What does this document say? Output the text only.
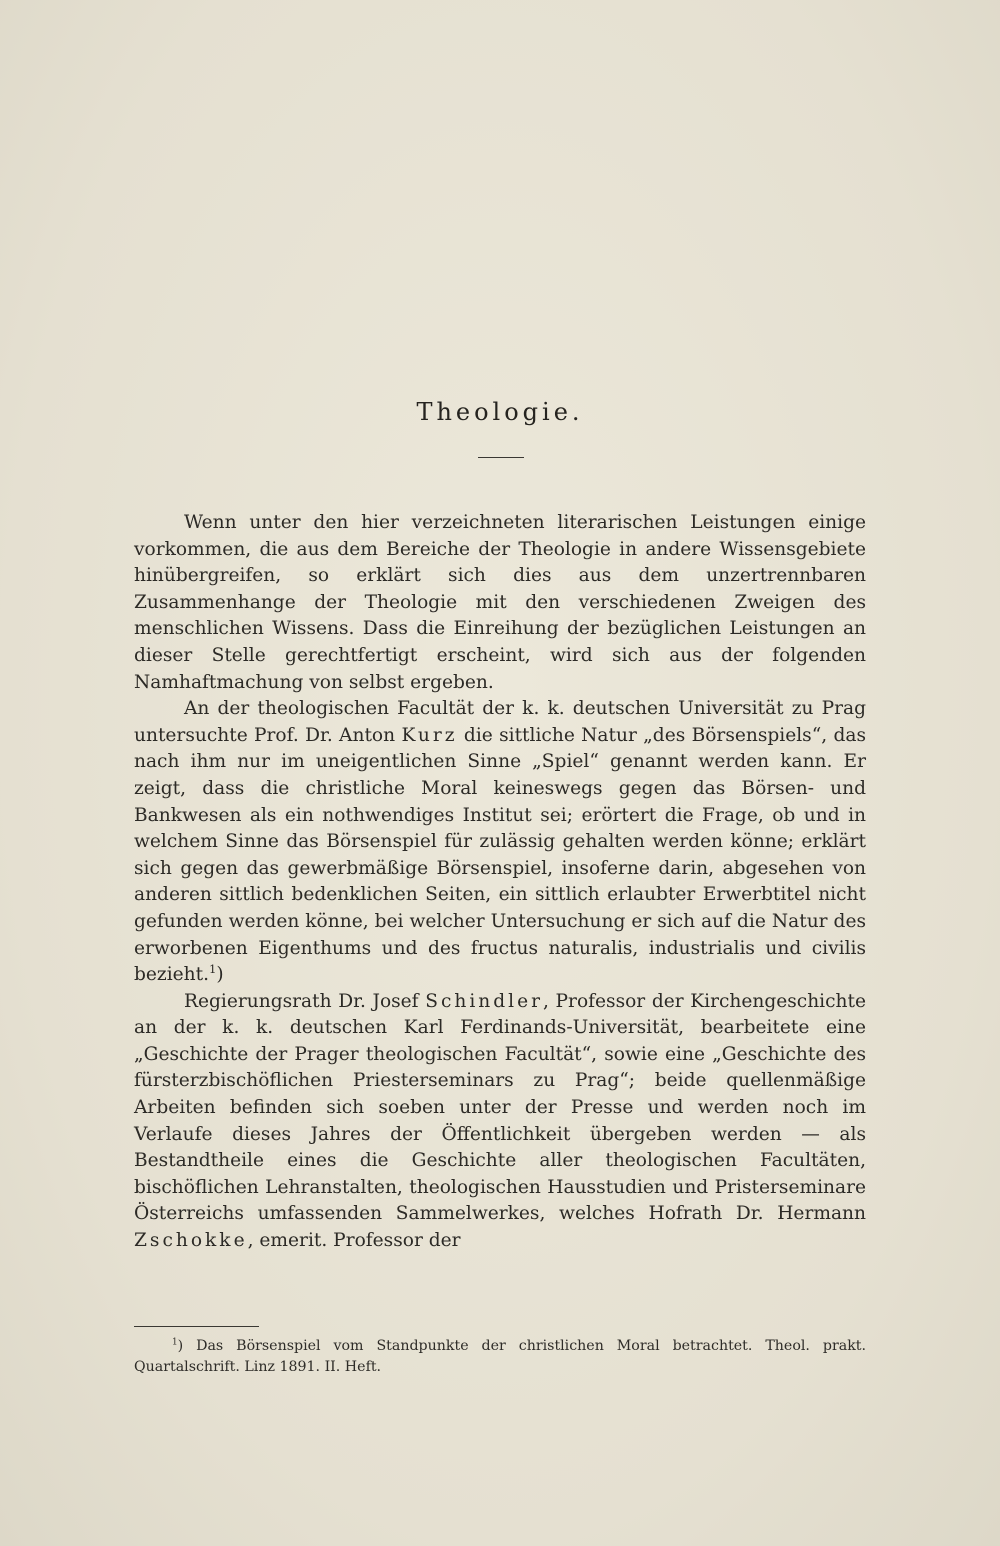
Theologie.

Wenn unter den hier verzeichneten literarischen Leistungen einige vorkommen, die aus dem Bereiche der Theologie in andere Wissensgebiete hinübergreifen, so erklärt sich dies aus dem unzertrennbaren Zusammenhange der Theologie mit den verschiedenen Zweigen des menschlichen Wissens. Dass die Einreihung der bezüglichen Leistungen an dieser Stelle gerechtfertigt erscheint, wird sich aus der folgenden Namhaftmachung von selbst ergeben.

An der theologischen Facultät der k. k. deutschen Universität zu Prag untersuchte Prof. Dr. Anton Kurz die sittliche Natur „des Börsenspiels“, das nach ihm nur im uneigentlichen Sinne „Spiel“ genannt werden kann. Er zeigt, dass die christliche Moral keineswegs gegen das Börsen- und Bankwesen als ein nothwendiges Institut sei; erörtert die Frage, ob und in welchem Sinne das Börsenspiel für zulässig gehalten werden könne; erklärt sich gegen das gewerbmäßige Börsenspiel, insoferne darin, abgesehen von anderen sittlich bedenklichen Seiten, ein sittlich erlaubter Erwerbtitel nicht gefunden werden könne, bei welcher Untersuchung er sich auf die Natur des erworbenen Eigenthums und des fructus naturalis, industrialis und civilis bezieht.$^1$)

Regierungsrath Dr. Josef Schindler, Professor der Kirchengeschichte an der k. k. deutschen Karl Ferdinands-Universität, bearbeitete eine „Geschichte der Prager theologischen Facultät“, sowie eine „Geschichte des fürsterzbischöflichen Priesterseminars zu Prag“; beide quellenmäßige Arbeiten befinden sich soeben unter der Presse und werden noch im Verlaufe dieses Jahres der Öffentlichkeit übergeben werden — als Bestandtheile eines die Geschichte aller theologischen Facultäten, bischöflichen Lehranstalten, theologischen Hausstudien und Pristerseminare Österreichs umfassenden Sammelwerkes, welches Hofrath Dr. Hermann Zschokke, emerit. Professor der

$^1$) Das Börsenspiel vom Standpunkte der christlichen Moral betrachtet. Theol. prakt. Quartalschrift. Linz 1891. II. Heft.
